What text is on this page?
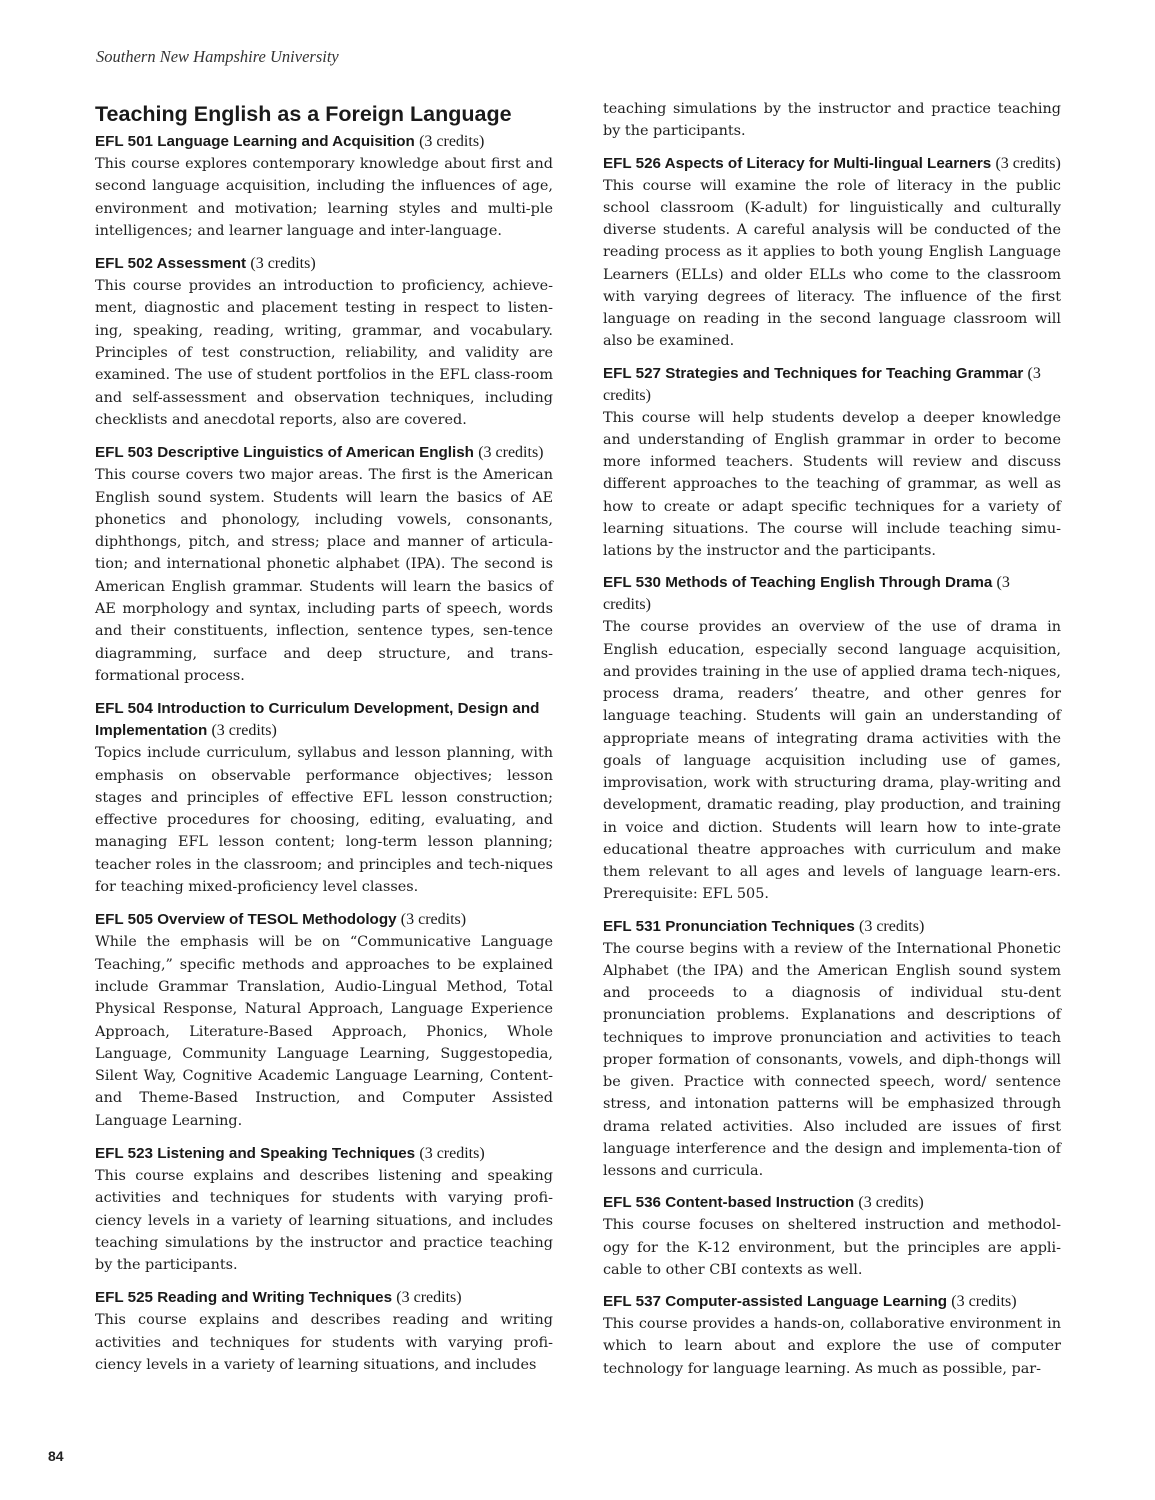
Southern New Hampshire University
Teaching English as a Foreign Language

EFL 501 Language Learning and Acquisition (3 credits)

This course explores contemporary knowledge about first and second language acquisition, including the influences of age, environment and motivation; learning styles and multi-ple intelligences; and learner language and inter-language.

EFL 502 Assessment (3 credits)

This course provides an introduction to proficiency, achieve-ment, diagnostic and placement testing in respect to listen-ing, speaking, reading, writing, grammar, and vocabulary. Principles of test construction, reliability, and validity are examined. The use of student portfolios in the EFL class-room and self-assessment and observation techniques, including checklists and anecdotal reports, also are covered.

EFL 503 Descriptive Linguistics of American English (3 credits)

This course covers two major areas. The first is the American English sound system. Students will learn the basics of AE phonetics and phonology, including vowels, consonants, diphthongs, pitch, and stress; place and manner of articula-tion; and international phonetic alphabet (IPA). The second is American English grammar. Students will learn the basics of AE morphology and syntax, including parts of speech, words and their constituents, inflection, sentence types, sen-tence diagramming, surface and deep structure, and trans-formational process.

EFL 504 Introduction to Curriculum Development, Design and Implementation (3 credits)

Topics include curriculum, syllabus and lesson planning, with emphasis on observable performance objectives; lesson stages and principles of effective EFL lesson construction; effective procedures for choosing, editing, evaluating, and managing EFL lesson content; long-term lesson planning; teacher roles in the classroom; and principles and tech-niques for teaching mixed-proficiency level classes.

EFL 505 Overview of TESOL Methodology (3 credits)

While the emphasis will be on “Communicative Language Teaching,” specific methods and approaches to be explained include Grammar Translation, Audio-Lingual Method, Total Physical Response, Natural Approach, Language Experience Approach, Literature-Based Approach, Phonics, Whole Language, Community Language Learning, Suggestopedia, Silent Way, Cognitive Academic Language Learning, Content- and Theme-Based Instruction, and Computer Assisted Language Learning.

EFL 523 Listening and Speaking Techniques (3 credits)

This course explains and describes listening and speaking activities and techniques for students with varying profi-ciency levels in a variety of learning situations, and includes teaching simulations by the instructor and practice teaching by the participants.

EFL 525 Reading and Writing Techniques (3 credits)

This course explains and describes reading and writing activities and techniques for students with varying profi-ciency levels in a variety of learning situations, and includes

teaching simulations by the instructor and practice teaching by the participants.

EFL 526 Aspects of Literacy for Multi-lingual Learners (3 credits)

This course will examine the role of literacy in the public school classroom (K-adult) for linguistically and culturally diverse students. A careful analysis will be conducted of the reading process as it applies to both young English Language Learners (ELLs) and older ELLs who come to the classroom with varying degrees of literacy. The influence of the first language on reading in the second language classroom will also be examined.

EFL 527 Strategies and Techniques for Teaching Grammar (3 credits)

This course will help students develop a deeper knowledge and understanding of English grammar in order to become more informed teachers. Students will review and discuss different approaches to the teaching of grammar, as well as how to create or adapt specific techniques for a variety of learning situations. The course will include teaching simu-lations by the instructor and the participants.

EFL 530 Methods of Teaching English Through Drama (3 credits)

The course provides an overview of the use of drama in English education, especially second language acquisition, and provides training in the use of applied drama tech-niques, process drama, readers’ theatre, and other genres for language teaching. Students will gain an understanding of appropriate means of integrating drama activities with the goals of language acquisition including use of games, improvisation, work with structuring drama, play-writing and development, dramatic reading, play production, and training in voice and diction. Students will learn how to inte-grate educational theatre approaches with curriculum and make them relevant to all ages and levels of language learn-ers. Prerequisite: EFL 505.

EFL 531 Pronunciation Techniques (3 credits)

The course begins with a review of the International Phonetic Alphabet (the IPA) and the American English sound system and proceeds to a diagnosis of individual stu-dent pronunciation problems. Explanations and descriptions of techniques to improve pronunciation and activities to teach proper formation of consonants, vowels, and diph-thongs will be given. Practice with connected speech, word/ sentence stress, and intonation patterns will be emphasized through drama related activities. Also included are issues of first language interference and the design and implementa-tion of lessons and curricula.

EFL 536 Content-based Instruction (3 credits)

This course focuses on sheltered instruction and methodol-ogy for the K-12 environment, but the principles are appli-cable to other CBI contexts as well.

EFL 537 Computer-assisted Language Learning (3 credits)

This course provides a hands-on, collaborative environment in which to learn about and explore the use of computer technology for language learning. As much as possible, par-

84
